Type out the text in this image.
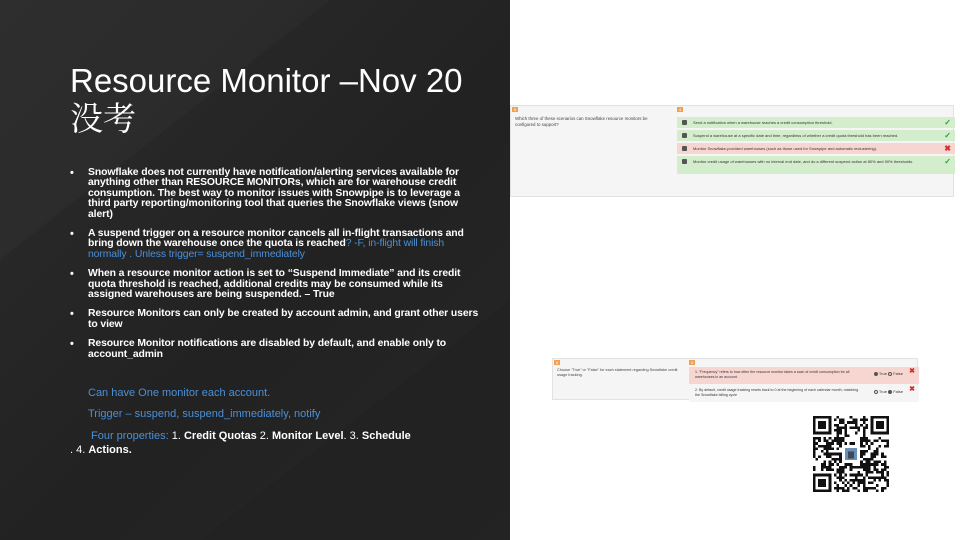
Resource Monitor –Nov 20没考
• Snowflake does not currently have notification/alerting services available for anything other than RESOURCE MONITORs, which are for warehouse credit consumption. The best way to monitor issues with Snowpipe is to leverage a third party reporting/monitoring tool that queries the Snowflake views (snow alert)
• A suspend trigger on a resource monitor cancels all in-flight transactions and bring down the warehouse once the quota is reached? -F, in-flight will finish normally . Unless trigger= suspend_immediately
• When a resource monitor action is set to “Suspend Immediate” and its credit quota threshold is reached, additional credits may be consumed while its assigned warehouses are being suspended. – True
• Resource Monitors can only be created by account admin, and grant other users to view
• Resource Monitor notifications are disabled by default, and enable only to account_admin
Can have One monitor each account.
Trigger – suspend, suspend_immediately, notify
Four properties: 1. Credit Quotas 2. Monitor Level. 3. Schedule
. 4. Actions.
5	4
Which three of these scenarios can Snowflake resource monitors be configured to support?	Send a notification when a warehouse reaches a credit consumption threshold.	✓
Suspend a warehouse at a specific date and time, regardless of whether a credit quota threshold has been reached.	✓
Monitor Snowflake-provided warehouses (such as those used for Snowpipe and automatic reclustering).	✖
Monitor credit usage of warehouses with no interval end date, and do a different suspend action at 80% and 90% thresholds.	✓
6	4
Choose "True" or "False" for each statement regarding Snowflake credit usage tracking.
1. "Frequency" refers to how often the resource monitor takes a scan of credit consumption for all warehouses in an account.
True False ✖
2. By default, credit usage tracking resets back to 0 at the beginning of each calendar month, matching the Snowflake billing cycle
True False ✖
